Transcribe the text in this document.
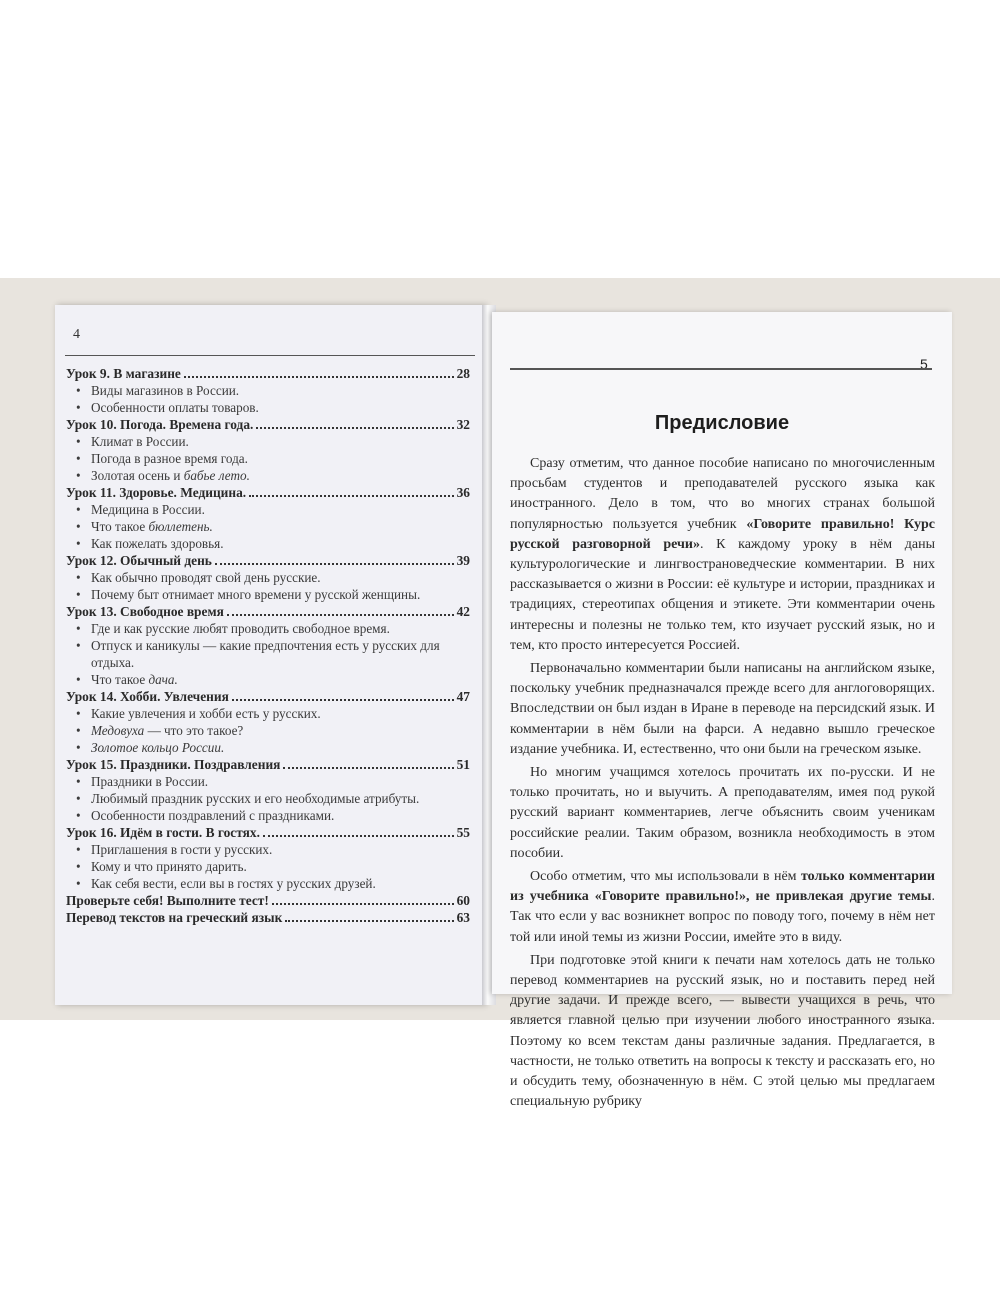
4
Урок 9. В магазине	28
• Виды магазинов в России.
• Особенности оплаты товаров.
Урок 10. Погода. Времена года.	32
• Климат в России.
• Погода в разное время года.
• Золотая осень и бабье лето.
Урок 11. Здоровье. Медицина.	36
• Медицина в России.
• Что такое бюллетень.
• Как пожелать здоровья.
Урок 12. Обычный день	39
• Как обычно проводят свой день русские.
• Почему быт отнимает много времени у русской женщины.
Урок 13. Свободное время	42
• Где и как русские любят проводить свободное время.
• Отпуск и каникулы — какие предпочтения есть у русских для отдыха.
• Что такое дача.
Урок 14. Хобби. Увлечения	47
• Какие увлечения и хобби есть у русских.
• Медовуха — что это такое?
• Золотое кольцо России.
Урок 15. Праздники. Поздравления	51
• Праздники в России.
• Любимый праздник русских и его необходимые атрибуты.
• Особенности поздравлений с праздниками.
Урок 16. Идём в гости. В гостях.	55
• Приглашения в гости у русских.
• Кому и что принято дарить.
• Как себя вести, если вы в гостях у русских друзей.
Проверьте себя! Выполните тест!	60
Перевод текстов на греческий язык	63
5
Предисловие

Сразу отметим, что данное пособие написано по многочисленным просьбам студентов и преподавателей русского языка как иностранного. Дело в том, что во многих странах большой популярностью пользуется учебник «Говорите правильно! Курс русской разговорной речи». К каждому уроку в нём даны культурологические и лингвострановедческие комментарии. В них рассказывается о жизни в России: её культуре и истории, праздниках и традициях, стереотипах общения и этикете. Эти комментарии очень интересны и полезны не только тем, кто изучает русский язык, но и тем, кто просто интересуется Россией.

Первоначально комментарии были написаны на английском языке, поскольку учебник предназначался прежде всего для англоговорящих. Впоследствии он был издан в Иране в переводе на персидский язык. И комментарии в нём были на фарси. А недавно вышло греческое издание учебника. И, естественно, что они были на греческом языке.

Но многим учащимся хотелось прочитать их по-русски. И не только прочитать, но и выучить. А преподавателям, имея под рукой русский вариант комментариев, легче объяснить своим ученикам российские реалии. Таким образом, возникла необходимость в этом пособии.

Особо отметим, что мы использовали в нём только комментарии из учебника «Говорите правильно!», не привлекая другие темы. Так что если у вас возникнет вопрос по поводу того, почему в нём нет той или иной темы из жизни России, имейте это в виду.

При подготовке этой книги к печати нам хотелось дать не только перевод комментариев на русский язык, но и поставить перед ней другие задачи. И прежде всего, — вывести учащихся в речь, что является главной целью при изучении любого иностранного языка. Поэтому ко всем текстам даны различные задания. Предлагается, в частности, не только ответить на вопросы к тексту и рассказать его, но и обсудить тему, обозначенную в нём. С этой целью мы предлагаем специальную рубрику
